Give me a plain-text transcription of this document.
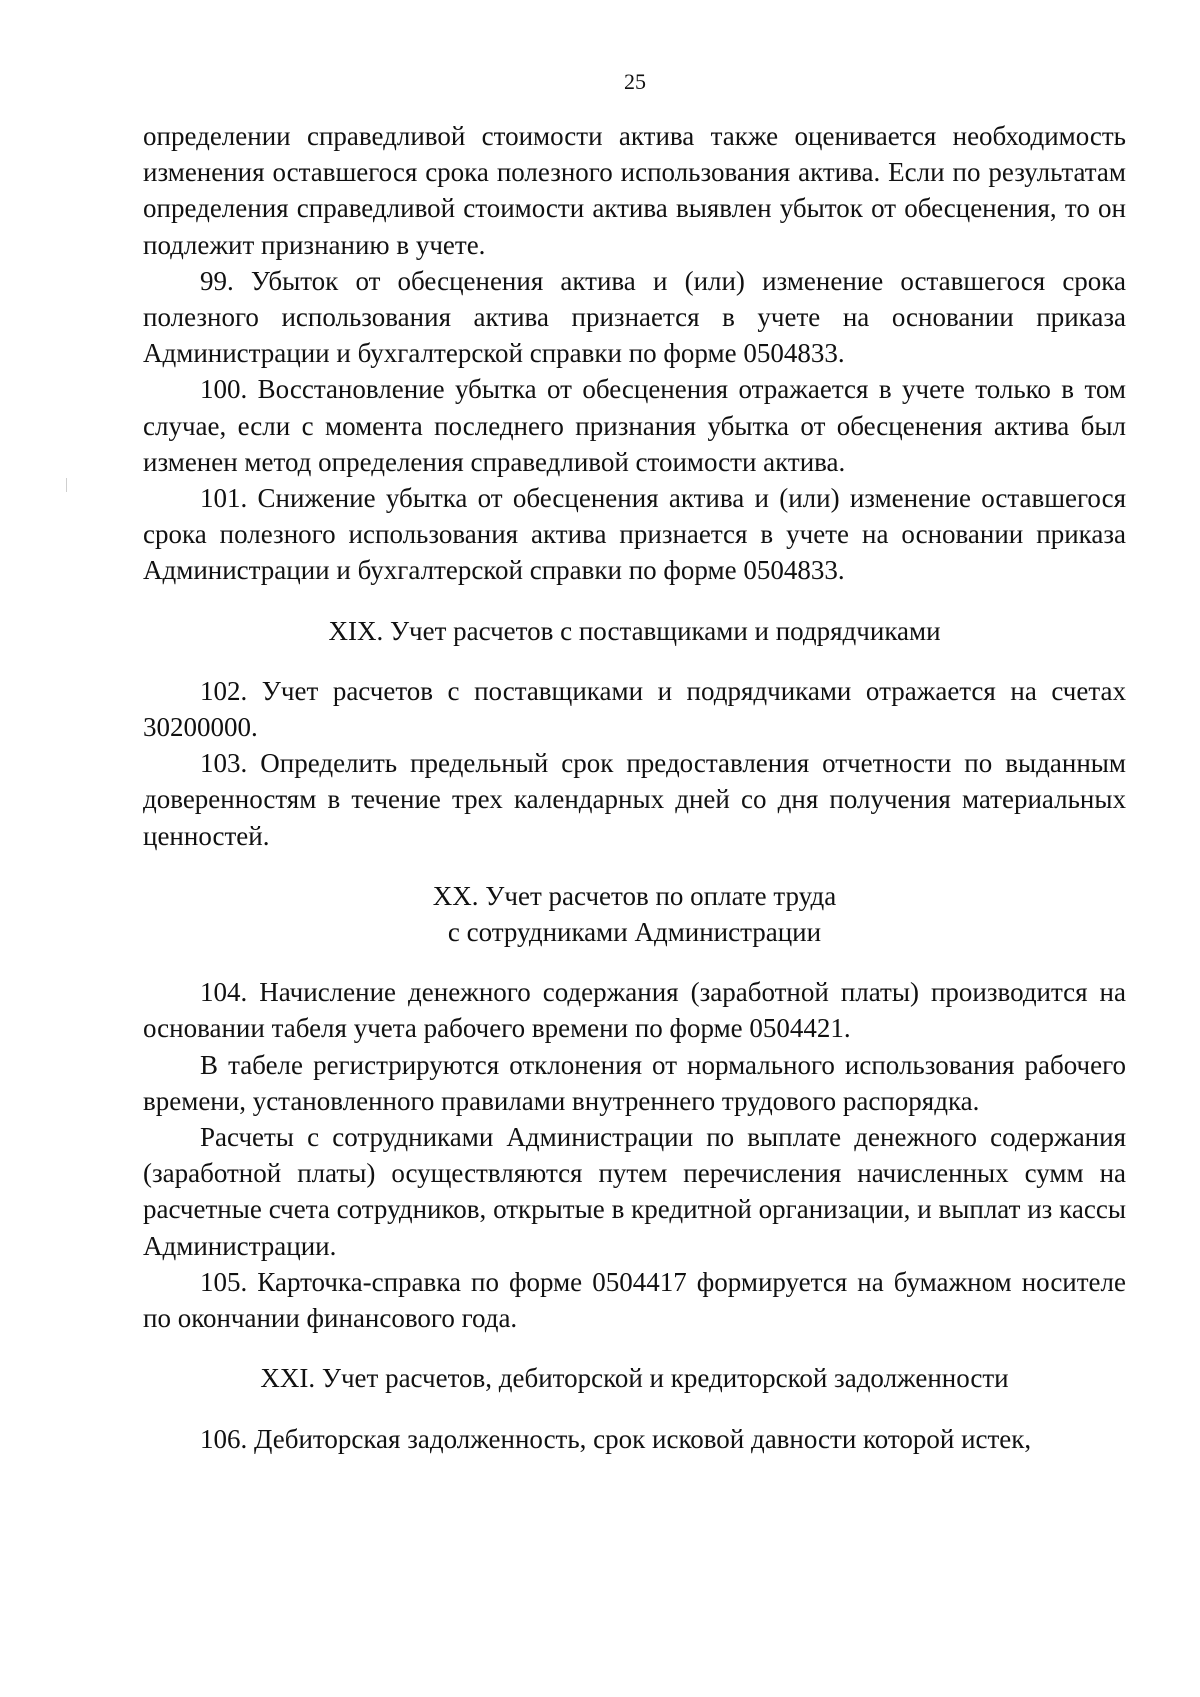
25

определении справедливой стоимости актива также оценивается необходимость изменения оставшегося срока полезного использования актива. Если по результатам определения справедливой стоимости актива выявлен убыток от обесценения, то он подлежит признанию в учете.

99. Убыток от обесценения актива и (или) изменение оставшегося срока полезного использования актива признается в учете на основании приказа Администрации и бухгалтерской справки по форме 0504833.

100. Восстановление убытка от обесценения отражается в учете только в том случае, если с момента последнего признания убытка от обесценения актива был изменен метод определения справедливой стоимости актива.

101. Снижение убытка от обесценения актива и (или) изменение оставшегося срока полезного использования актива признается в учете на основании приказа Администрации и бухгалтерской справки по форме 0504833.

XIX. Учет расчетов с поставщиками и подрядчиками

102. Учет расчетов с поставщиками и подрядчиками отражается на счетах 30200000.

103. Определить предельный срок предоставления отчетности по выданным доверенностям в течение трех календарных дней со дня получения материальных ценностей.

XX. Учет расчетов по оплате труда
с сотрудниками Администрации

104. Начисление денежного содержания (заработной платы) производится на основании табеля учета рабочего времени по форме 0504421.

В табеле регистрируются отклонения от нормального использования рабочего времени, установленного правилами внутреннего трудового распорядка.

Расчеты с сотрудниками Администрации по выплате денежного содержания (заработной платы) осуществляются путем перечисления начисленных сумм на расчетные счета сотрудников, открытые в кредитной организации, и выплат из кассы Администрации.

105. Карточка-справка по форме 0504417 формируется на бумажном носителе по окончании финансового года.

XXI. Учет расчетов, дебиторской и кредиторской задолженности

106. Дебиторская задолженность, срок исковой давности которой истек,
